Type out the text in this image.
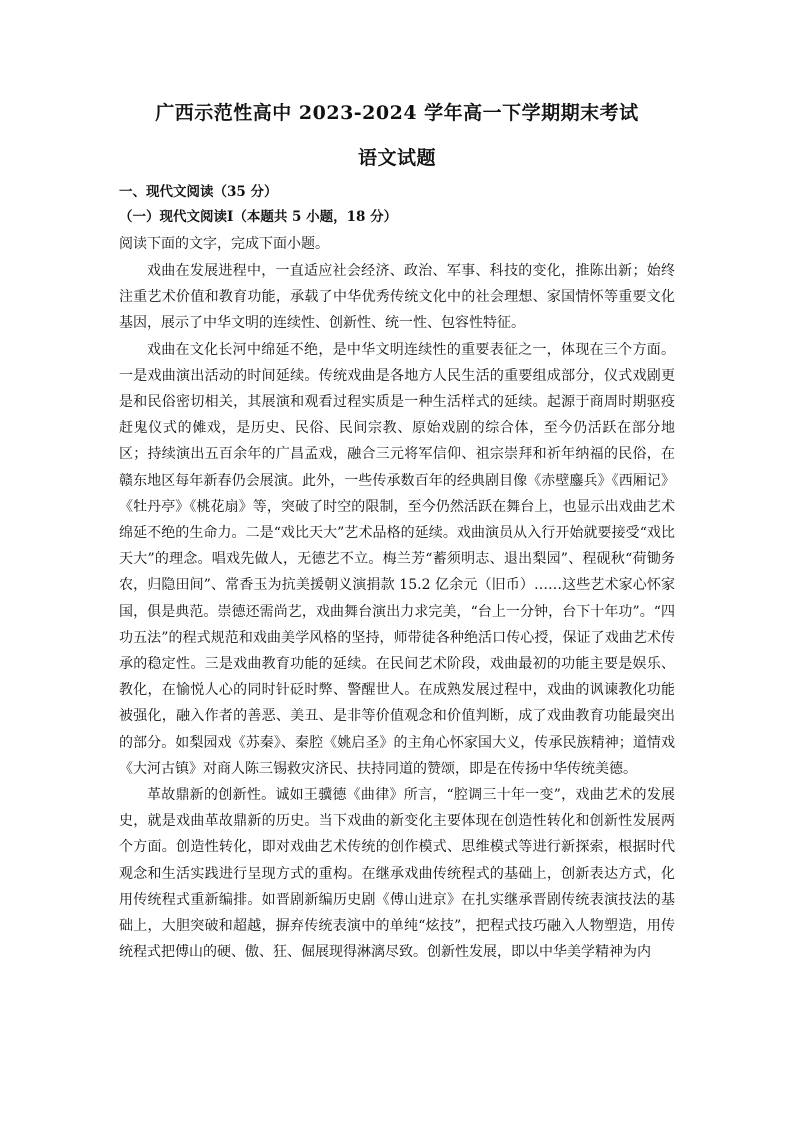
广西示范性高中 2023-2024 学年高一下学期期末考试
语文试题
一、现代文阅读（35 分）
（一）现代文阅读Ⅰ（本题共 5 小题，18 分）
阅读下面的文字，完成下面小题。

戏曲在发展进程中，一直适应社会经济、政治、军事、科技的变化，推陈出新；始终注重艺术价值和教育功能，承载了中华优秀传统文化中的社会理想、家国情怀等重要文化基因，展示了中华文明的连续性、创新性、统一性、包容性特征。

戏曲在文化长河中绵延不绝，是中华文明连续性的重要表征之一，体现在三个方面。一是戏曲演出活动的时间延续。传统戏曲是各地方人民生活的重要组成部分，仪式戏剧更是和民俗密切相关，其展演和观看过程实质是一种生活样式的延续。起源于商周时期驱疫赶鬼仪式的傩戏，是历史、民俗、民间宗教、原始戏剧的综合体，至今仍活跃在部分地区；持续演出五百余年的广昌孟戏，融合三元将军信仰、祖宗崇拜和祈年纳福的民俗，在赣东地区每年新春仍会展演。此外，一些传承数百年的经典剧目像《赤壁鏖兵》《西厢记》《牡丹亭》《桃花扇》等，突破了时空的限制，至今仍然活跃在舞台上，也显示出戏曲艺术绵延不绝的生命力。二是“戏比天大”艺术品格的延续。戏曲演员从入行开始就要接受“戏比天大”的理念。唱戏先做人，无德艺不立。梅兰芳“蓄须明志、退出梨园”、程砚秋“荷锄务农，归隐田间”、常香玉为抗美援朝义演捐款 15.2 亿余元（旧币）……这些艺术家心怀家国，俱是典范。崇德还需尚艺，戏曲舞台演出力求完美，“台上一分钟，台下十年功”。“四功五法”的程式规范和戏曲美学风格的坚持，师带徒各种绝活口传心授，保证了戏曲艺术传承的稳定性。三是戏曲教育功能的延续。在民间艺术阶段，戏曲最初的功能主要是娱乐、教化，在愉悦人心的同时针砭时弊、警醒世人。在成熟发展过程中，戏曲的讽谏教化功能被强化，融入作者的善恶、美丑、是非等价值观念和价值判断，成了戏曲教育功能最突出的部分。如梨园戏《苏秦》、秦腔《姚启圣》的主角心怀家国大义，传承民族精神；道情戏《大河古镇》对商人陈三锡救灾济民、扶持同道的赞颂，即是在传扬中华传统美德。

革故鼎新的创新性。诚如王骥德《曲律》所言，“腔调三十年一变”，戏曲艺术的发展史，就是戏曲革故鼎新的历史。当下戏曲的新变化主要体现在创造性转化和创新性发展两个方面。创造性转化，即对戏曲艺术传统的创作模式、思维模式等进行新探索，根据时代观念和生活实践进行呈现方式的重构。在继承戏曲传统程式的基础上，创新表达方式，化用传统程式重新编排。如晋剧新编历史剧《傅山进京》在扎实继承晋剧传统表演技法的基础上，大胆突破和超越，摒弃传统表演中的单纯“炫技”，把程式技巧融入人物塑造，用传统程式把傅山的硬、傲、狂、倔展现得淋漓尽致。创新性发展，即以中华美学精神为内
